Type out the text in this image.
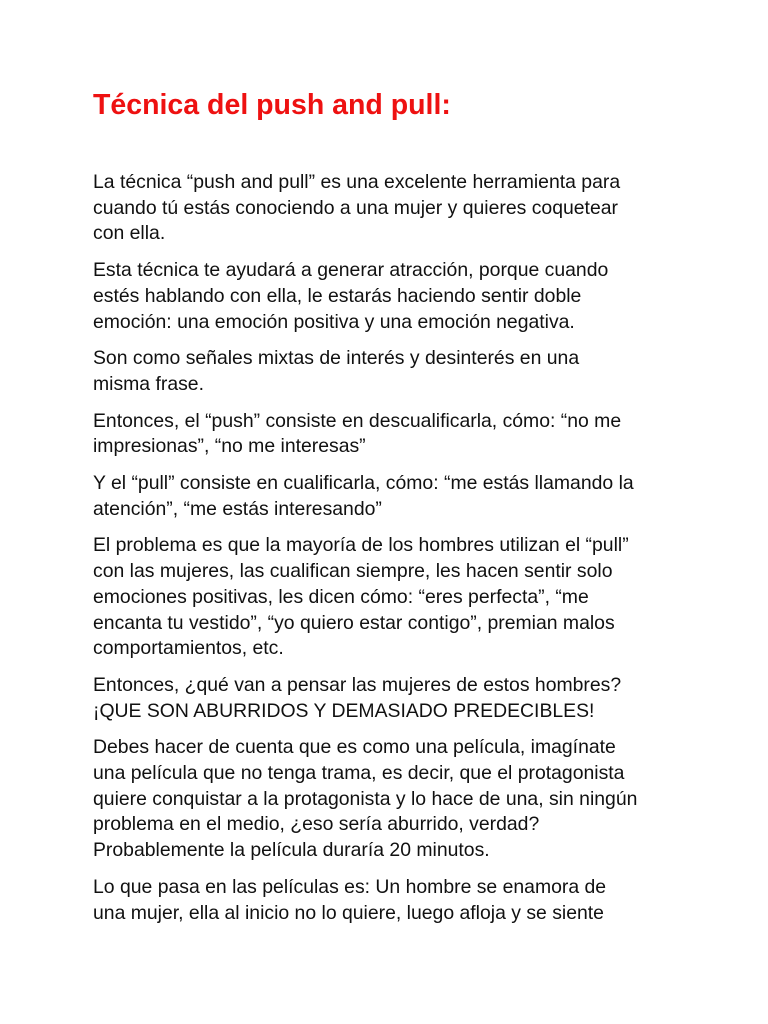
Técnica del push and pull:

La técnica “push and pull” es una excelente herramienta para
cuando tú estás conociendo a una mujer y quieres coquetear
con ella.

Esta técnica te ayudará a generar atracción, porque cuando
estés hablando con ella, le estarás haciendo sentir doble
emoción: una emoción positiva y una emoción negativa.

Son como señales mixtas de interés y desinterés en una
misma frase.

Entonces, el “push” consiste en descualificarla, cómo: “no me
impresionas”, “no me interesas”

Y el “pull” consiste en cualificarla, cómo: “me estás llamando la
atención”, “me estás interesando”

El problema es que la mayoría de los hombres utilizan el “pull”
con las mujeres, las cualifican siempre, les hacen sentir solo
emociones positivas, les dicen cómo: “eres perfecta”, “me
encanta tu vestido”, “yo quiero estar contigo”, premian malos
comportamientos, etc.

Entonces, ¿qué van a pensar las mujeres de estos hombres?
¡QUE SON ABURRIDOS Y DEMASIADO PREDECIBLES!

Debes hacer de cuenta que es como una película, imagínate
una película que no tenga trama, es decir, que el protagonista
quiere conquistar a la protagonista y lo hace de una, sin ningún
problema en el medio, ¿eso sería aburrido, verdad?
Probablemente la película duraría 20 minutos.

Lo que pasa en las películas es: Un hombre se enamora de
una mujer, ella al inicio no lo quiere, luego afloja y se siente
